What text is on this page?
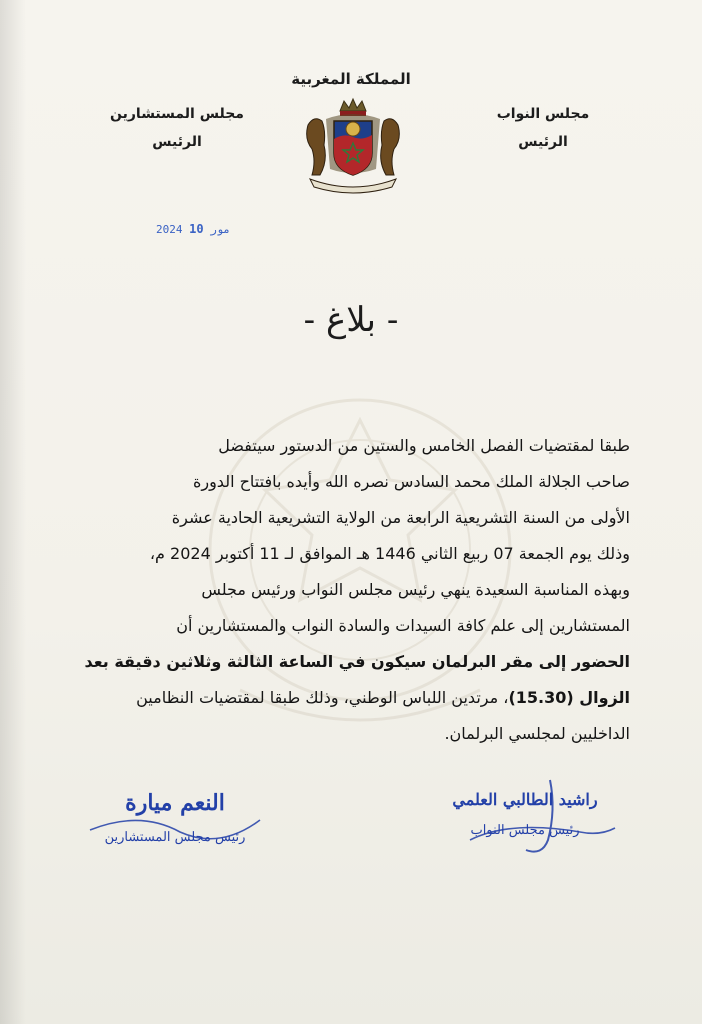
المملكة المغربية
مجلس النواب
الرئيس
مجلس المستشارين
الرئيس
2024	مور 10
- بلاغ -
طبقا لمقتضيات الفصل الخامس والستين من الدستور سيتفضل
صاحب الجلالة الملك محمد السادس نصره الله وأيده بافتتاح الدورة
الأولى من السنة التشريعية الرابعة من الولاية التشريعية الحادية عشرة
وذلك يوم الجمعة 07 ربيع الثاني 1446 هـ الموافق لـ 11 أكتوبر 2024 م،
وبهذه المناسبة السعيدة ينهي رئيس مجلس النواب ورئيس مجلس
المستشارين إلى علم كافة السيدات والسادة النواب والمستشارين أن
الحضور إلى مقر البرلمان سيكون في الساعة الثالثة وثلاثين دقيقة بعد
الزوال (15.30)، مرتدين اللباس الوطني، وذلك طبقا لمقتضيات النظامين
الداخليين لمجلسي البرلمان.
راشيد الطالبي العلمي
رئيس مجلس النواب
النعم ميارة
رئيس مجلس المستشارين
